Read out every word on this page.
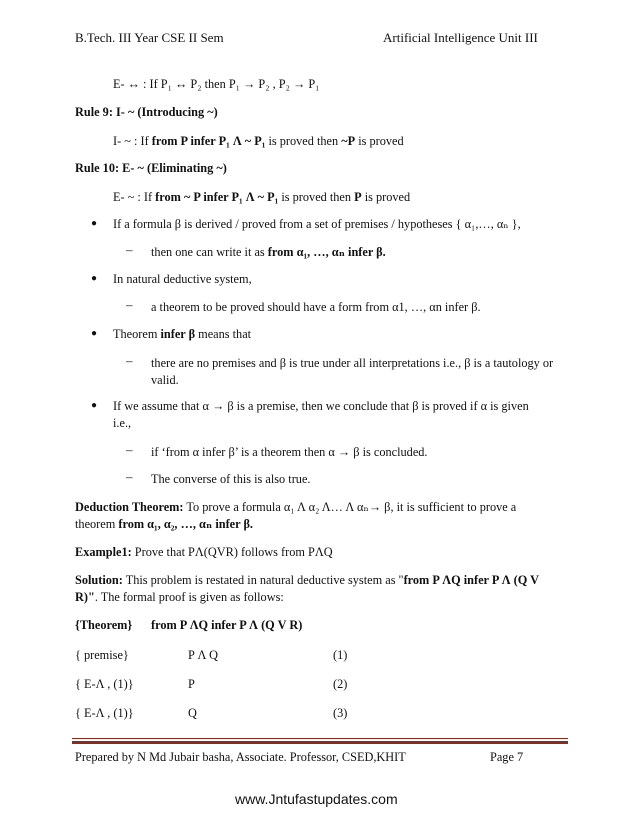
B.Tech. III Year CSE II Sem	Artificial Intelligence Unit III
E- ↔ : If P₁ ↔ P₂ then P₁ → P₂ , P₂ → P₁
Rule 9: I- ~ (Introducing ~)
I- ~ : If from P infer P₁ Λ ~ P₁ is proved then ~P is proved
Rule 10: E- ~ (Eliminating ~)
E- ~ : If from ~ P infer P₁ Λ ~ P₁ is proved then P is proved
● If a formula β is derived / proved from a set of premises / hypotheses { α₁,…, αₙ },
– then one can write it as from α₁, …, αₙ infer β.
● In natural deductive system,
– a theorem to be proved should have a form from α1, …, αn infer β.
● Theorem infer β means that
– there are no premises and β is true under all interpretations i.e., β is a tautology or
valid.
● If we assume that α → β is a premise, then we conclude that β is proved if α is given
i.e.,
– if ‘from α infer β’ is a theorem then α → β is concluded.
– The converse of this is also true.
Deduction Theorem: To prove a formula α₁ Λ α₂ Λ… Λ αₙ→ β, it is sufficient to prove a
theorem from α₁, α₂, …, αₙ infer β.
Example1: Prove that PΛ(QVR) follows from PΛQ
Solution: This problem is restated in natural deductive system as "from P ΛQ infer P Λ (Q V
R)". The formal proof is given as follows:
{Theorem} from P ΛQ infer P Λ (Q V R)
{ premise}	P Λ Q	(1)
{ E-Λ , (1)}	P	(2)
{ E-Λ , (1)}	Q	(3)
Prepared by N Md Jubair basha, Associate. Professor, CSED,KHIT	Page 7
www.Jntufastupdates.com
